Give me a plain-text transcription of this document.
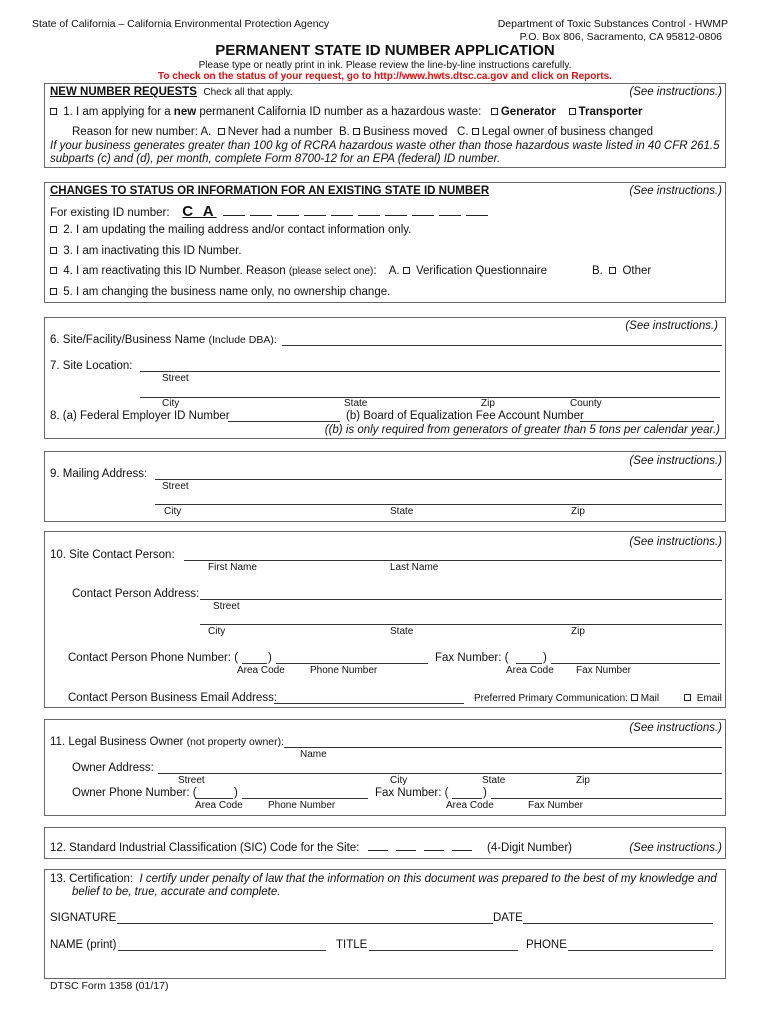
State of California – California Environmental Protection Agency	Department of Toxic Substances Control - HWMP
P.O. Box 806, Sacramento, CA 95812-0806
PERMANENT STATE ID NUMBER APPLICATION
Please type or neatly print in ink. Please review the line-by-line instructions carefully.
To check on the status of your request, go to http://www.hwts.dtsc.ca.gov and click on Reports.
NEW NUMBER REQUESTS Check all that apply.	(See instructions.)
1. I am applying for a new permanent California ID number as a hazardous waste: Generator Transporter
Reason for new number: A. Never had a number B. Business moved C. Legal owner of business changed
If your business generates greater than 100 kg of RCRA hazardous waste other than those hazardous waste listed in 40 CFR 261.5
subparts (c) and (d), per month, complete Form 8700-12 for an EPA (federal) ID number.
CHANGES TO STATUS OR INFORMATION FOR AN EXISTING STATE ID NUMBER	(See instructions.)
For existing ID number: C A
2. I am updating the mailing address and/or contact information only.
3. I am inactivating this ID Number.
4. I am reactivating this ID Number. Reason (please select one):    A. Verification Questionnaire	B. Other
5. I am changing the business name only, no ownership change.
(See instructions.)
6. Site/Facility/Business Name (Include DBA):
7. Site Location:
Street
City	State	Zip	County
8. (a) Federal Employer ID Number	(b) Board of Equalization Fee Account Number
((b) is only required from generators of greater than 5 tons per calendar year.)
(See instructions.)
9. Mailing Address:
Street
City	State	Zip
(See instructions.)
10. Site Contact Person:
First Name	Last Name
Contact Person Address:
Street
City	State	Zip
Contact Person Phone Number: (	)
Area Code	Phone Number
Fax Number: (	)
Area Code Fax Number
Contact Person Business Email Address:	Preferred Primary Communication: Mail	Email
(See instructions.)
11. Legal Business Owner (not property owner):
Name
Owner Address:
Street	City	State	Zip
Owner Phone Number: (	)
Area Code	Phone Number
Fax Number: (	)
Area Code	Fax Number
12. Standard Industrial Classification (SIC) Code for the Site:	(4-Digit Number)	(See instructions.)
13. Certification: I certify under penalty of law that the information on this document was prepared to the best of my knowledge and
belief to be, true, accurate and complete.
SIGNATURE	DATE
NAME (print)	TITLE	PHONE
DTSC Form 1358 (01/17)
